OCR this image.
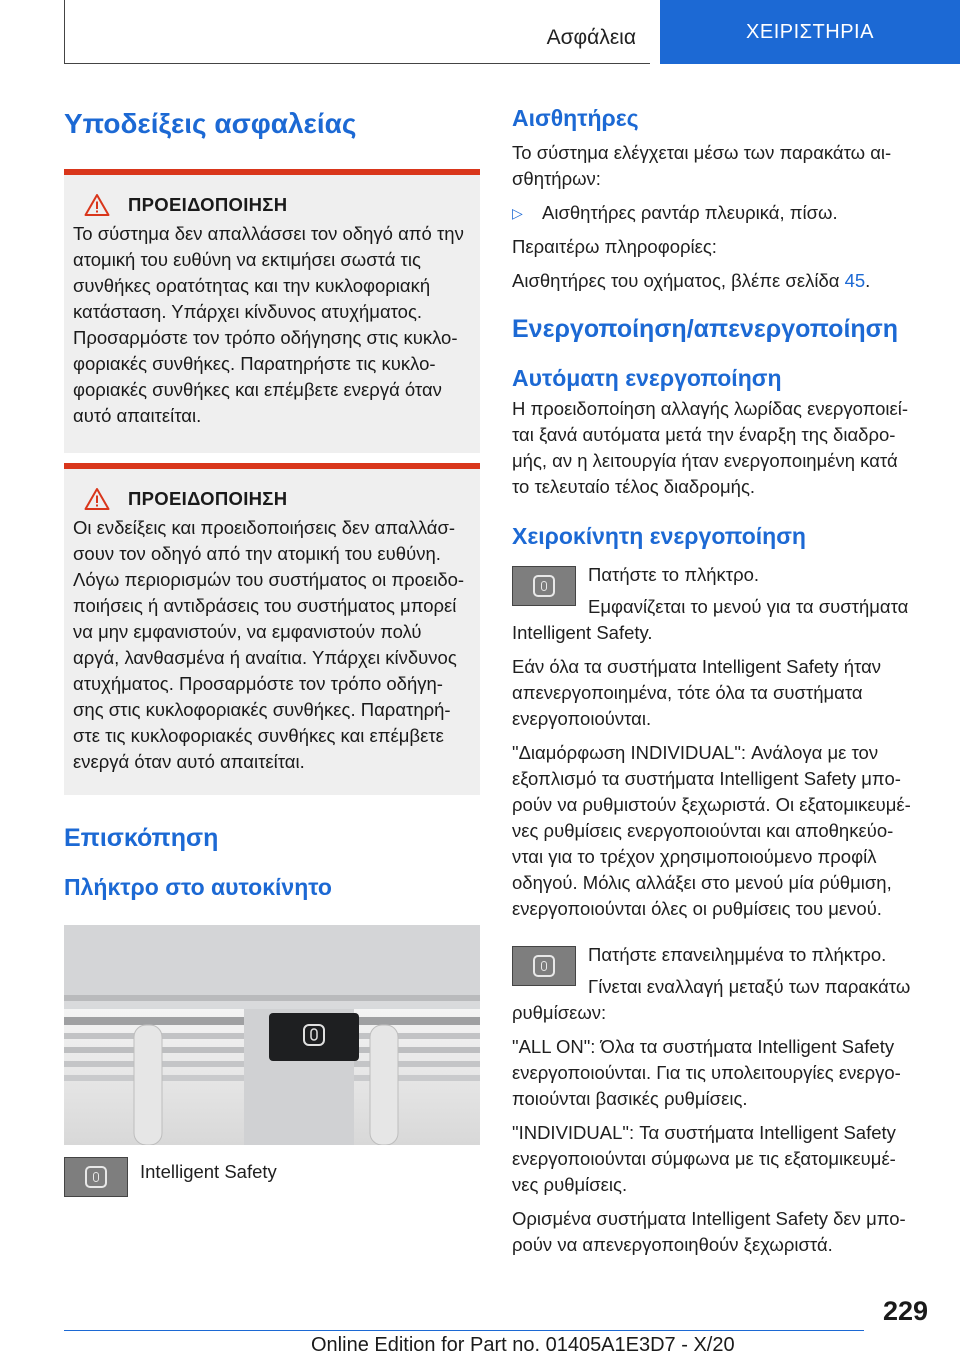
Ασφάλεια	ΧΕΙΡΙΣΤΗΡΙΑ
Υποδείξεις ασφαλείας
ΠΡΟΕΙΔΟΠΟΙΗΣΗ
Το σύστημα δεν απαλλάσσει τον οδηγό από την
ατομική του ευθύνη να εκτιμήσει σωστά τις
συνθήκες ορατότητας και την κυκλοφοριακή
κατάσταση. Υπάρχει κίνδυνος ατυχήματος.
Προσαρμόστε τον τρόπο οδήγησης στις κυκλο-
φοριακές συνθήκες. Παρατηρήστε τις κυκλο-
φοριακές συνθήκες και επέμβετε ενεργά όταν
αυτό απαιτείται.
ΠΡΟΕΙΔΟΠΟΙΗΣΗ
Οι ενδείξεις και προειδοποιήσεις δεν απαλλάσ-
σουν τον οδηγό από την ατομική του ευθύνη.
Λόγω περιορισμών του συστήματος οι προειδο-
ποιήσεις ή αντιδράσεις του συστήματος μπορεί
να μην εμφανιστούν, να εμφανιστούν πολύ
αργά, λανθασμένα ή αναίτια. Υπάρχει κίνδυνος
ατυχήματος. Προσαρμόστε τον τρόπο οδήγη-
σης στις κυκλοφοριακές συνθήκες. Παρατηρή-
στε τις κυκλοφοριακές συνθήκες και επέμβετε
ενεργά όταν αυτό απαιτείται.
Επισκόπηση
Πλήκτρο στο αυτοκίνητο

Intelligent Safety

Αισθητήρες

Το σύστημα ελέγχεται μέσω των παρακάτω αι-

σθητήρων:

▷	Αισθητήρες ραντάρ πλευρικά, πίσω.

Περαιτέρω πληροφορίες:

Αισθητήρες του οχήματος, βλέπε σελίδα 45.

Ενεργοποίηση/απενεργοποίηση
Αυτόματη ενεργοποίηση

Η προειδοποίηση αλλαγής λωρίδας ενεργοποιεί-

ται ξανά αυτόματα μετά την έναρξη της διαδρο-

μής, αν η λειτουργία ήταν ενεργοποιημένη κατά

το τελευταίο τέλος διαδρομής.

Χειροκίνητη ενεργοποίηση

Πατήστε το πλήκτρο.

Εμφανίζεται το μενού για τα συστήματα

Intelligent Safety.

Εάν όλα τα συστήματα Intelligent Safety ήταν

απενεργοποιημένα, τότε όλα τα συστήματα

ενεργοποιούνται.

"Διαμόρφωση INDIVIDUAL": Ανάλογα με τον

εξοπλισμό τα συστήματα Intelligent Safety μπο-

ρούν να ρυθμιστούν ξεχωριστά. Οι εξατομικευμέ-

νες ρυθμίσεις ενεργοποιούνται και αποθηκεύο-

νται για το τρέχον χρησιμοποιούμενο προφίλ

οδηγού. Μόλις αλλάξει στο μενού μία ρύθμιση,

ενεργοποιούνται όλες οι ρυθμίσεις του μενού.

Πατήστε επανειλημμένα το πλήκτρο.

Γίνεται εναλλαγή μεταξύ των παρακάτω

ρυθμίσεων:

"ALL ON": Όλα τα συστήματα Intelligent Safety

ενεργοποιούνται. Για τις υπολειτουργίες ενεργο-

ποιούνται βασικές ρυθμίσεις.

"INDIVIDUAL": Τα συστήματα Intelligent Safety

ενεργοποιούνται σύμφωνα με τις εξατομικευμέ-

νες ρυθμίσεις.

Ορισμένα συστήματα Intelligent Safety δεν μπο-

ρούν να απενεργοποιηθούν ξεχωριστά.

229
Online Edition for Part no. 01405A1E3D7 - X/20
